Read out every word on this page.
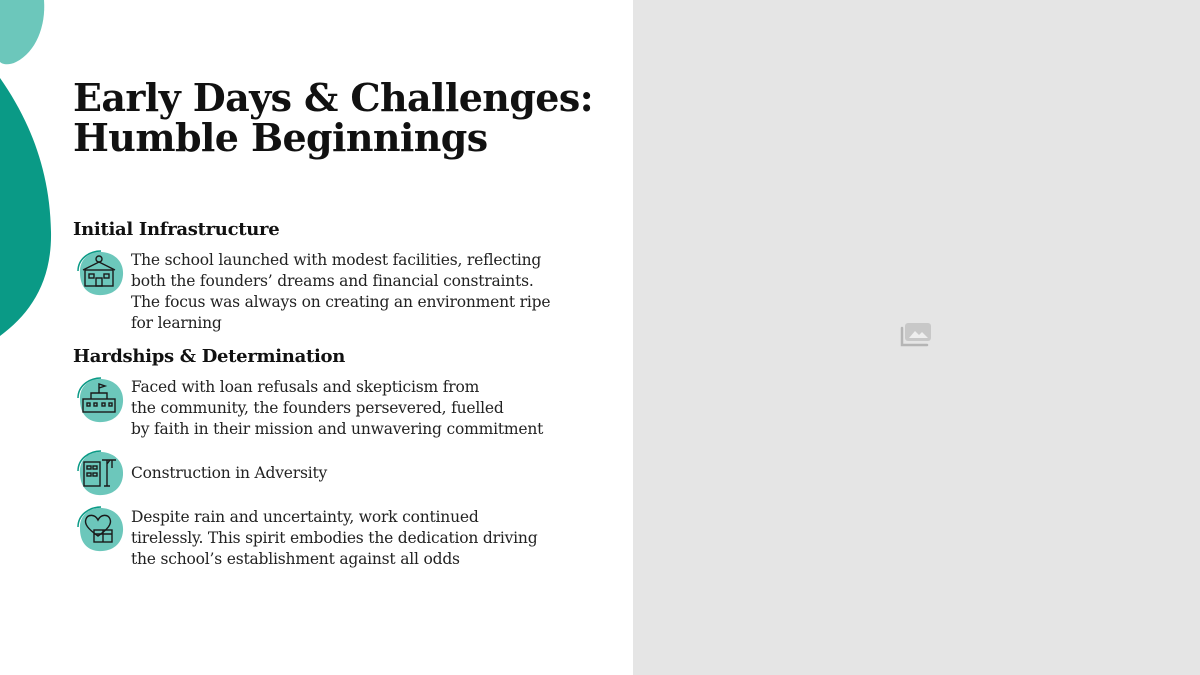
Early Days & Challenges:
Humble Beginnings
Initial Infrastructure
The school launched with modest facilities, reflecting
both the founders’ dreams and financial constraints.
The focus was always on creating an environment ripe
for learning
Hardships & Determination
Faced with loan refusals and skepticism from
the community, the founders persevered, fuelled
by faith in their mission and unwavering commitment
Construction in Adversity
Despite rain and uncertainty, work continued
tirelessly. This spirit embodies the dedication driving
the school’s establishment against all odds
